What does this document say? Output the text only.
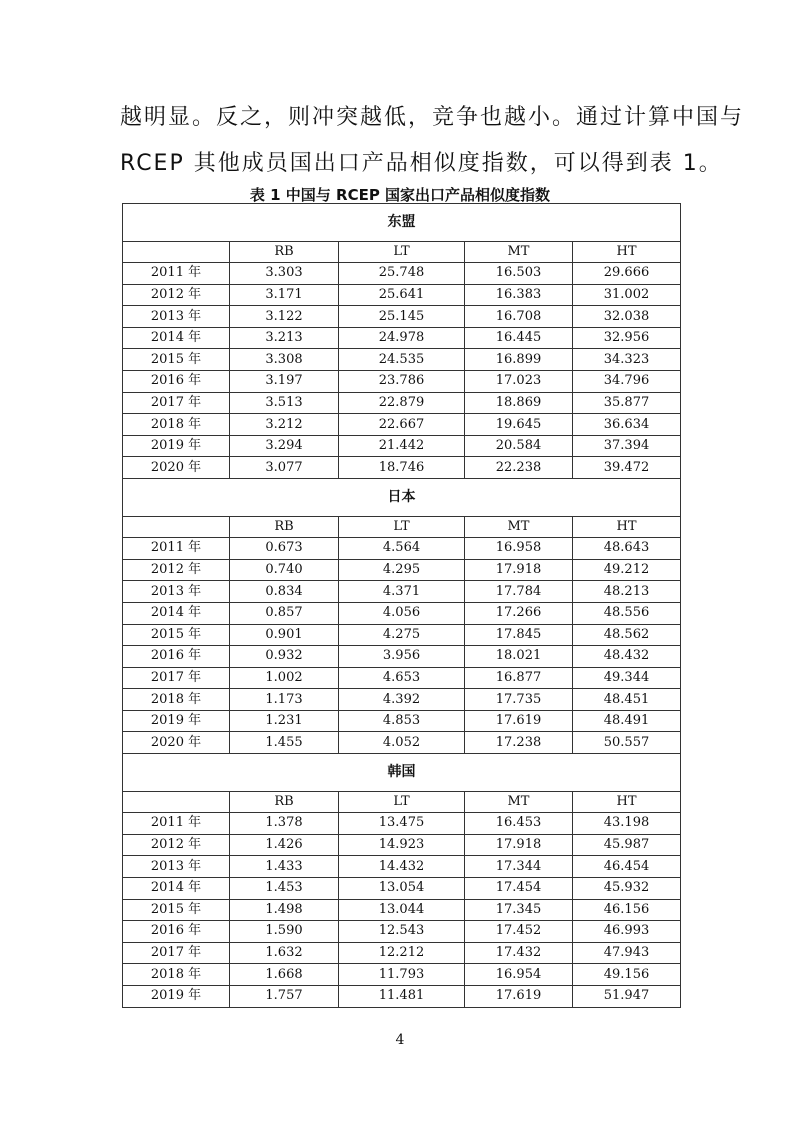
越明显。反之，则冲突越低，竞争也越小。通过计算中国与
RCEP 其他成员国出口产品相似度指数，可以得到表 1。
表 1 中国与 RCEP 国家出口产品相似度指数
东盟				
	RB	LT	MT	HT
2011 年	3.303	25.748	16.503	29.666
2012 年	3.171	25.641	16.383	31.002
2013 年	3.122	25.145	16.708	32.038
2014 年	3.213	24.978	16.445	32.956
2015 年	3.308	24.535	16.899	34.323
2016 年	3.197	23.786	17.023	34.796
2017 年	3.513	22.879	18.869	35.877
2018 年	3.212	22.667	19.645	36.634
2019 年	3.294	21.442	20.584	37.394
2020 年	3.077	18.746	22.238	39.472
日本				
	RB	LT	MT	HT
2011 年	0.673	4.564	16.958	48.643
2012 年	0.740	4.295	17.918	49.212
2013 年	0.834	4.371	17.784	48.213
2014 年	0.857	4.056	17.266	48.556
2015 年	0.901	4.275	17.845	48.562
2016 年	0.932	3.956	18.021	48.432
2017 年	1.002	4.653	16.877	49.344
2018 年	1.173	4.392	17.735	48.451
2019 年	1.231	4.853	17.619	48.491
2020 年	1.455	4.052	17.238	50.557
韩国				
	RB	LT	MT	HT
2011 年	1.378	13.475	16.453	43.198
2012 年	1.426	14.923	17.918	45.987
2013 年	1.433	14.432	17.344	46.454
2014 年	1.453	13.054	17.454	45.932
2015 年	1.498	13.044	17.345	46.156
2016 年	1.590	12.543	17.452	46.993
2017 年	1.632	12.212	17.432	47.943
2018 年	1.668	11.793	16.954	49.156
2019 年	1.757	11.481	17.619	51.947
4
